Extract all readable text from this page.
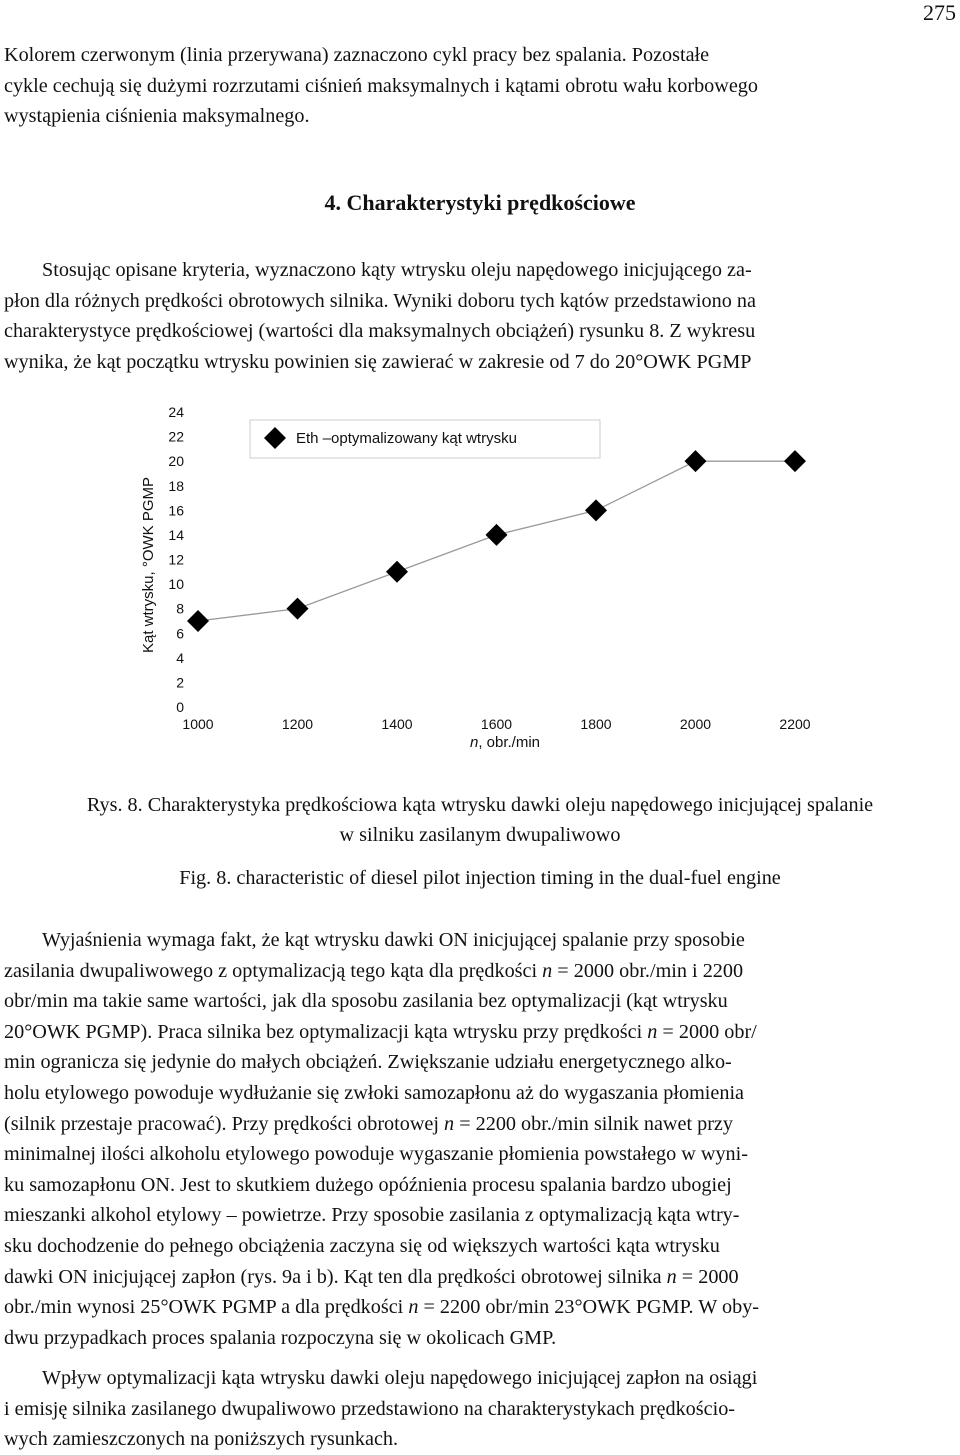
275
Kolorem czerwonym (linia przerywana) zaznaczono cykl pracy bez spalania. Pozostałe
cykle cechują się dużymi rozrzutami ciśnień maksymalnych i kątami obrotu wału korbowego
wystąpienia ciśnienia maksymalnego.
4. Charakterystyki prędkościowe
Stosując opisane kryteria, wyznaczono kąty wtrysku oleju napędowego inicjującego za-
płon dla różnych prędkości obrotowych silnika. Wyniki doboru tych kątów przedstawiono na
charakterystyce prędkościowej (wartości dla maksymalnych obciążeń) rysunku 8. Z wykresu
wynika, że kąt początku wtrysku powinien się zawierać w zakresie od 7 do 20°OWK PGMP
Kąt wtrysku, °OWK PGMP
Eth –optymalizowany kąt wtrysku
0
2
4
6
8
10
12
14
16
18
20
22
24
1000	1200	1400	1600	1800	2000	2200
n, obr./min
Rys. 8. Charakterystyka prędkościowa kąta wtrysku dawki oleju napędowego inicjującej spalanie
w silniku zasilanym dwupaliwowo
Fig. 8. characteristic of diesel pilot injection timing in the dual-fuel engine
Wyjaśnienia wymaga fakt, że kąt wtrysku dawki ON inicjującej spalanie przy sposobie
zasilania dwupaliwowego z optymalizacją tego kąta dla prędkości n = 2000 obr./min i 2200
obr/min ma takie same wartości, jak dla sposobu zasilania bez optymalizacji (kąt wtrysku
20°OWK PGMP). Praca silnika bez optymalizacji kąta wtrysku przy prędkości n = 2000 obr/
min ogranicza się jedynie do małych obciążeń. Zwiększanie udziału energetycznego alko-
holu etylowego powoduje wydłużanie się zwłoki samozapłonu aż do wygaszania płomienia
(silnik przestaje pracować). Przy prędkości obrotowej n = 2200 obr./min silnik nawet przy
minimalnej ilości alkoholu etylowego powoduje wygaszanie płomienia powstałego w wyni-
ku samozapłonu ON. Jest to skutkiem dużego opóźnienia procesu spalania bardzo ubogiej
mieszanki alkohol etylowy – powietrze. Przy sposobie zasilania z optymalizacją kąta wtry-
sku dochodzenie do pełnego obciążenia zaczyna się od większych wartości kąta wtrysku
dawki ON inicjującej zapłon (rys. 9a i b). Kąt ten dla prędkości obrotowej silnika n = 2000
obr./min wynosi 25°OWK PGMP a dla prędkości n = 2200 obr/min 23°OWK PGMP. W oby-
dwu przypadkach proces spalania rozpoczyna się w okolicach GMP.
Wpływ optymalizacji kąta wtrysku dawki oleju napędowego inicjującej zapłon na osiągi
i emisję silnika zasilanego dwupaliwowo przedstawiono na charakterystykach prędkościo-
wych zamieszczonych na poniższych rysunkach.
